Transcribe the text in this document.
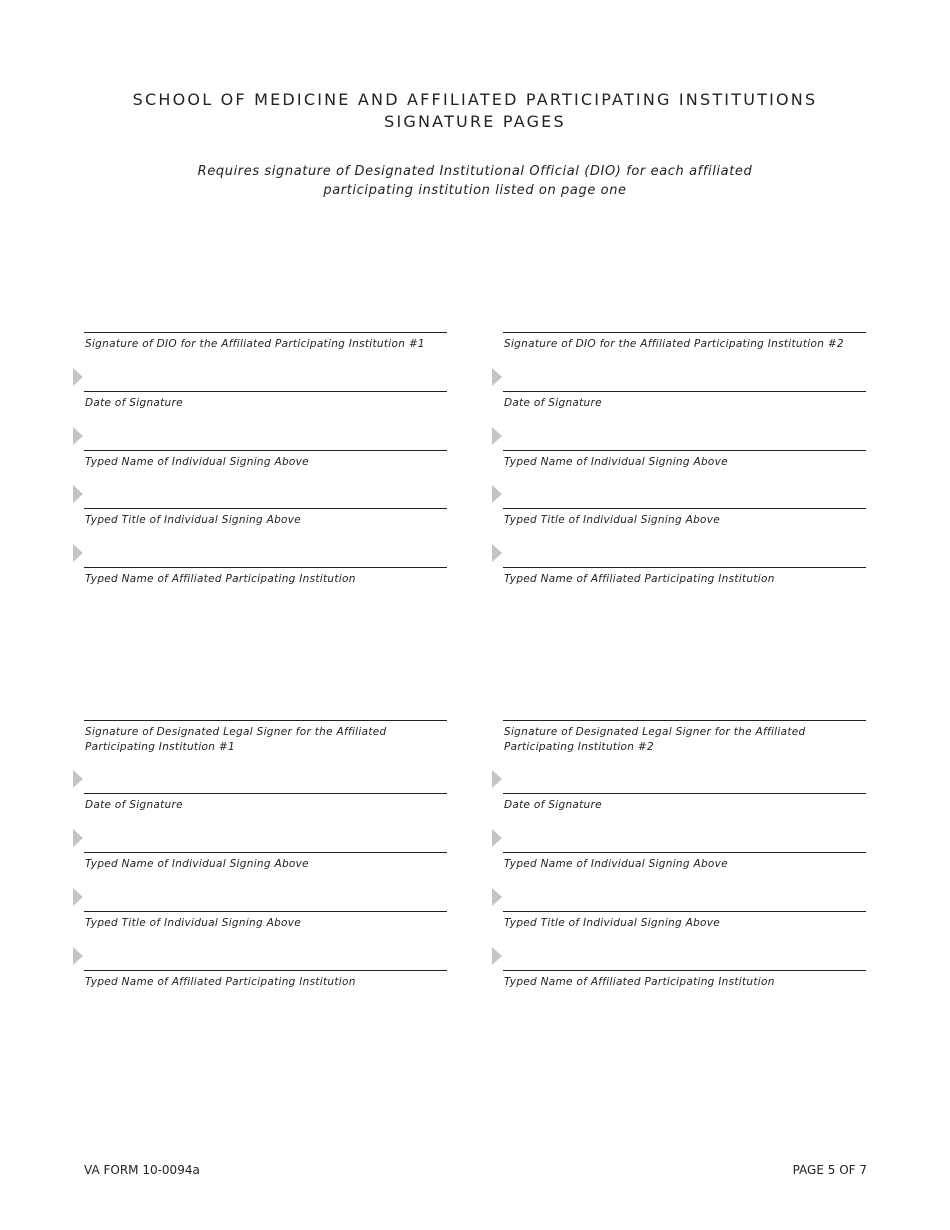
SCHOOL OF MEDICINE AND AFFILIATED PARTICIPATING INSTITUTIONS
SIGNATURE PAGES
Requires signature of Designated Institutional Official (DIO) for each affiliated
participating institution listed on page one
Signature of DIO for the Affiliated Participating Institution #1
Date of Signature
Typed Name of Individual Signing Above
Typed Title of Individual Signing Above
Typed Name of Affiliated Participating Institution
Signature of DIO for the Affiliated Participating Institution #2
Date of Signature
Typed Name of Individual Signing Above
Typed Title of Individual Signing Above
Typed Name of Affiliated Participating Institution
Signature of Designated Legal Signer for the Affiliated Participating Institution #1
Date of Signature
Typed Name of Individual Signing Above
Typed Title of Individual Signing Above
Typed Name of Affiliated Participating Institution
Signature of Designated Legal Signer for the Affiliated Participating Institution #2
Date of Signature
Typed Name of Individual Signing Above
Typed Title of Individual Signing Above
Typed Name of Affiliated Participating Institution
VA FORM 10-0094a	PAGE 5 OF 7
